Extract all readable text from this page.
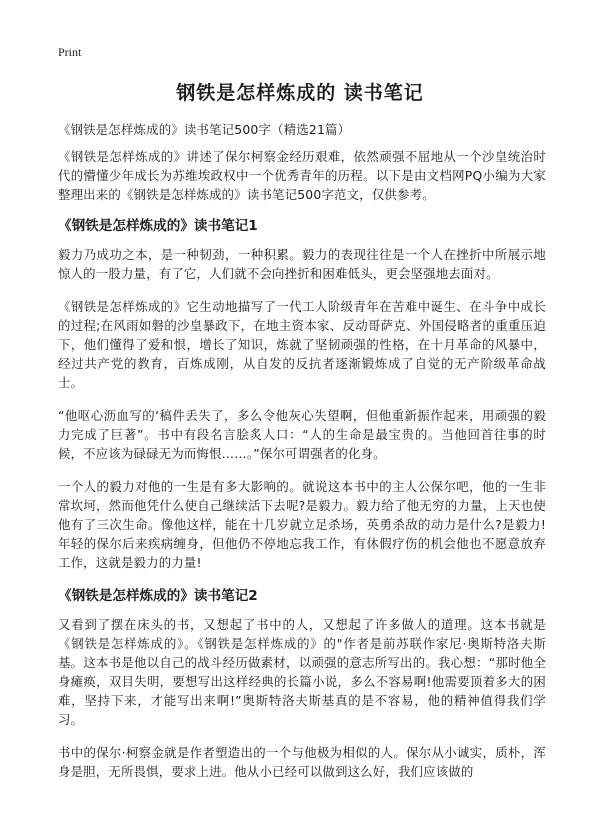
Print
钢铁是怎样炼成的 读书笔记

《钢铁是怎样炼成的》读书笔记500字（精选21篇）

《钢铁是怎样炼成的》讲述了保尔柯察金经历艰难，依然顽强不屈地从一个沙皇统治时代的懵懂少年成长为苏维埃政权中一个优秀青年的历程。以下是由文档网PQ小编为大家整理出来的《钢铁是怎样炼成的》读书笔记500字范文，仅供参考。

《钢铁是怎样炼成的》读书笔记1

毅力乃成功之本，是一种韧劲，一种积累。毅力的表现往往是一个人在挫折中所展示地惊人的一股力量，有了它，人们就不会向挫折和困难低头，更会坚强地去面对。

《钢铁是怎样炼成的》它生动地描写了一代工人阶级青年在苦难中诞生、在斗争中成长的过程;在风雨如磐的沙皇暴政下，在地主资本家、反动哥萨克、外国侵略者的重重压迫下，他们懂得了爱和恨，增长了知识，炼就了坚韧顽强的性格，在十月革命的风暴中，经过共产党的教育，百炼成刚，从自发的反抗者逐渐锻炼成了自觉的无产阶级革命战士。

“他呕心沥血写的‘稿件丢失了，多么令他灰心失望啊，但他重新振作起来，用顽强的毅力完成了巨著”。书中有段名言脍炙人口：“人的生命是最宝贵的。当他回首往事的时候，不应该为碌碌无为而悔恨……。”保尔可谓强者的化身。

一个人的毅力对他的一生是有多大影响的。就说这本书中的主人公保尔吧，他的一生非常坎坷，然而他凭什么使自己继续活下去呢?是毅力。毅力给了他无穷的力量，上天也使他有了三次生命。像他这样，能在十几岁就立足杀场，英勇杀敌的动力是什么?是毅力!年轻的保尔后来疾病缠身，但他仍不停地忘我工作，有休假疗伤的机会他也不愿意放弃工作，这就是毅力的力量!

《钢铁是怎样炼成的》读书笔记2

又看到了摆在床头的书，又想起了书中的人，又想起了许多做人的道理。这本书就是《钢铁是怎样炼成的》。《钢铁是怎样炼成的》的"作者是前苏联作家尼·奥斯特洛夫斯基。这本书是他以自己的战斗经历做素材，以顽强的意志所写出的。我心想：“那时他全身瘫痪，双目失明，要想写出这样经典的长篇小说，多么不容易啊!他需要顶着多大的困难，坚持下来，才能写出来啊!”奥斯特洛夫斯基真的是不容易，他的精神值得我们学习。

书中的保尔·柯察金就是作者塑造出的一个与他极为相似的人。保尔从小诚实，质朴，浑身是胆，无所畏惧，要求上进。他从小已经可以做到这么好，我们应该做的
